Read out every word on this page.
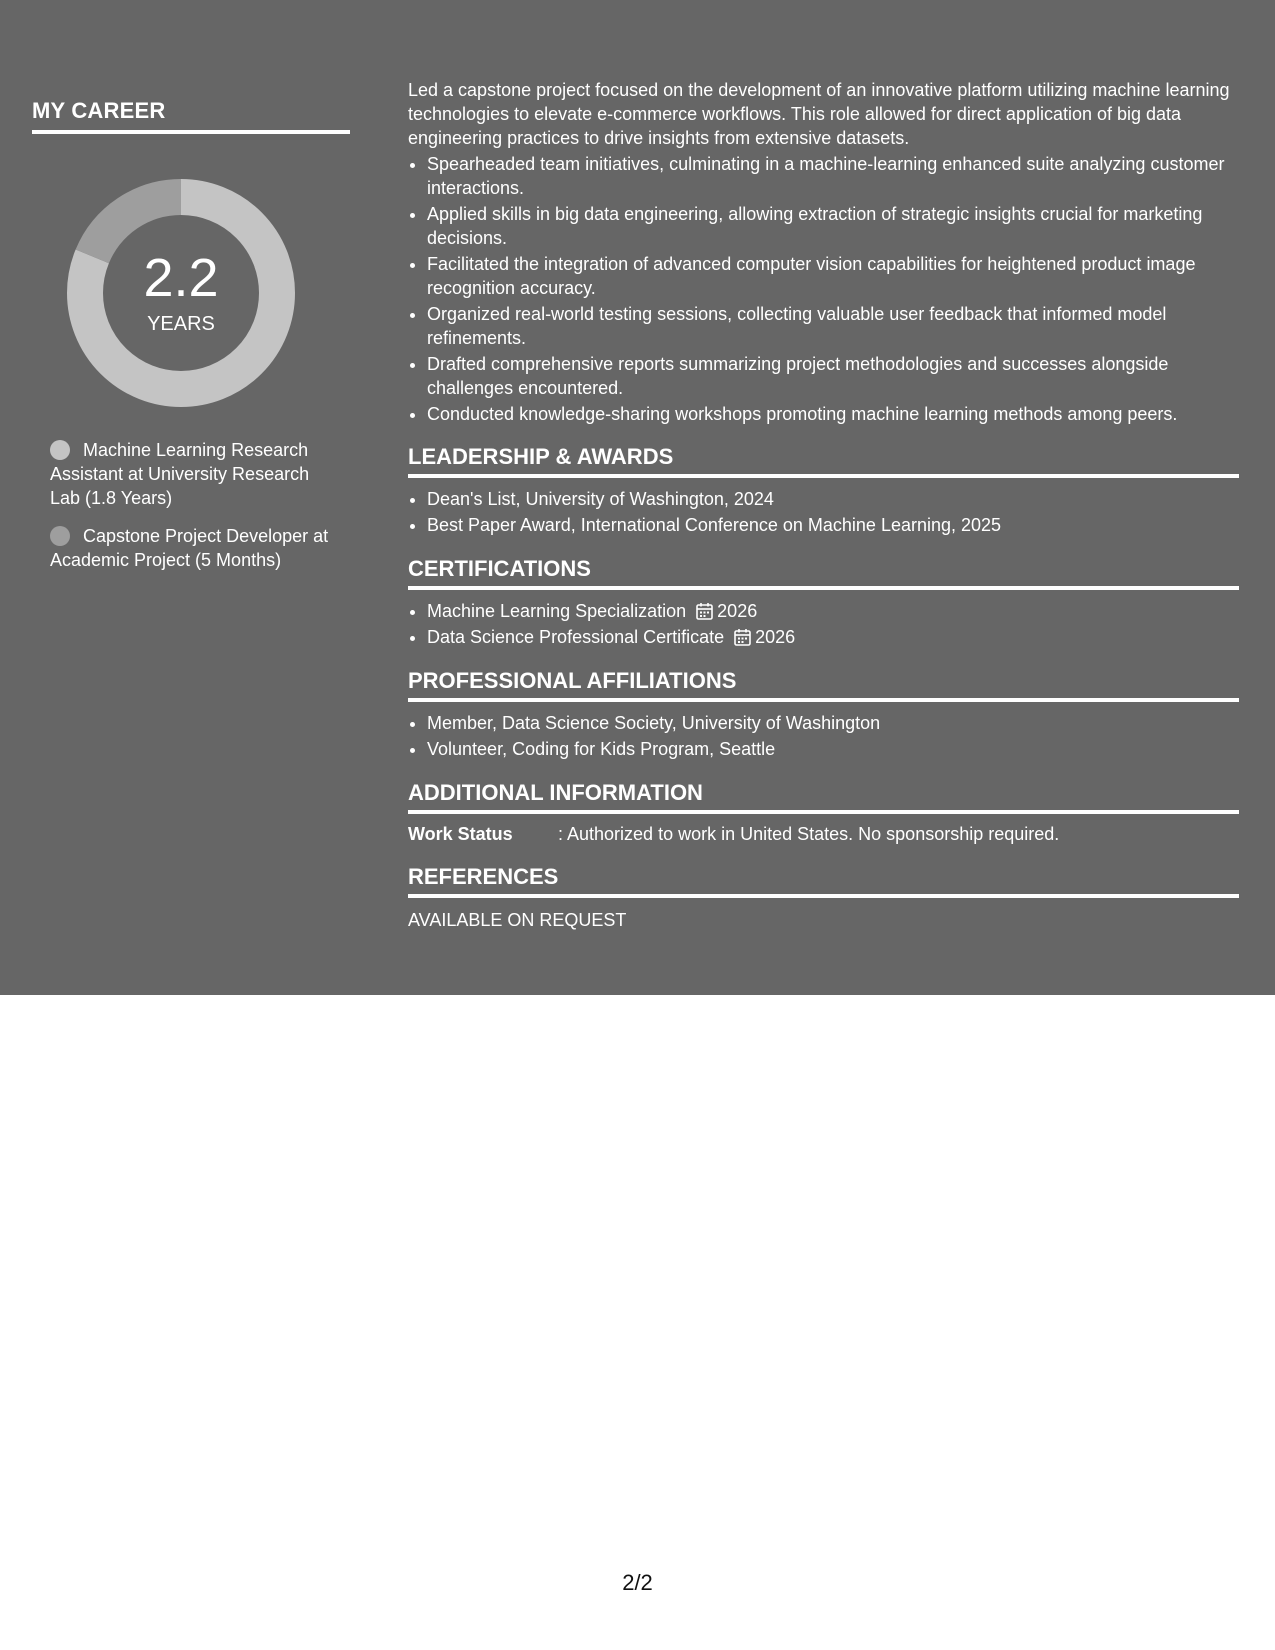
MY CAREER
2.2
YEARS
Machine Learning Research Assistant at University Research Lab (1.8 Years)
Capstone Project Developer at Academic Project (5 Months)

Led a capstone project focused on the development of an innovative platform utilizing machine learning technologies to elevate e-commerce workflows. This role allowed for direct application of big data engineering practices to drive insights from extensive datasets.

• Spearheaded team initiatives, culminating in a machine-learning enhanced suite analyzing customer interactions.
• Applied skills in big data engineering, allowing extraction of strategic insights crucial for marketing decisions.
• Facilitated the integration of advanced computer vision capabilities for heightened product image recognition accuracy.
• Organized real-world testing sessions, collecting valuable user feedback that informed model refinements.
• Drafted comprehensive reports summarizing project methodologies and successes alongside challenges encountered.
• Conducted knowledge-sharing workshops promoting machine learning methods among peers.
LEADERSHIP & AWARDS
• Dean's List, University of Washington, 2024
• Best Paper Award, International Conference on Machine Learning, 2025
CERTIFICATIONS
• Machine Learning Specialization 2026
• Data Science Professional Certificate 2026
PROFESSIONAL AFFILIATIONS
• Member, Data Science Society, University of Washington
• Volunteer, Coding for Kids Program, Seattle
ADDITIONAL INFORMATION
Work Status	: Authorized to work in United States. No sponsorship required.
REFERENCES
AVAILABLE ON REQUEST
2/2
